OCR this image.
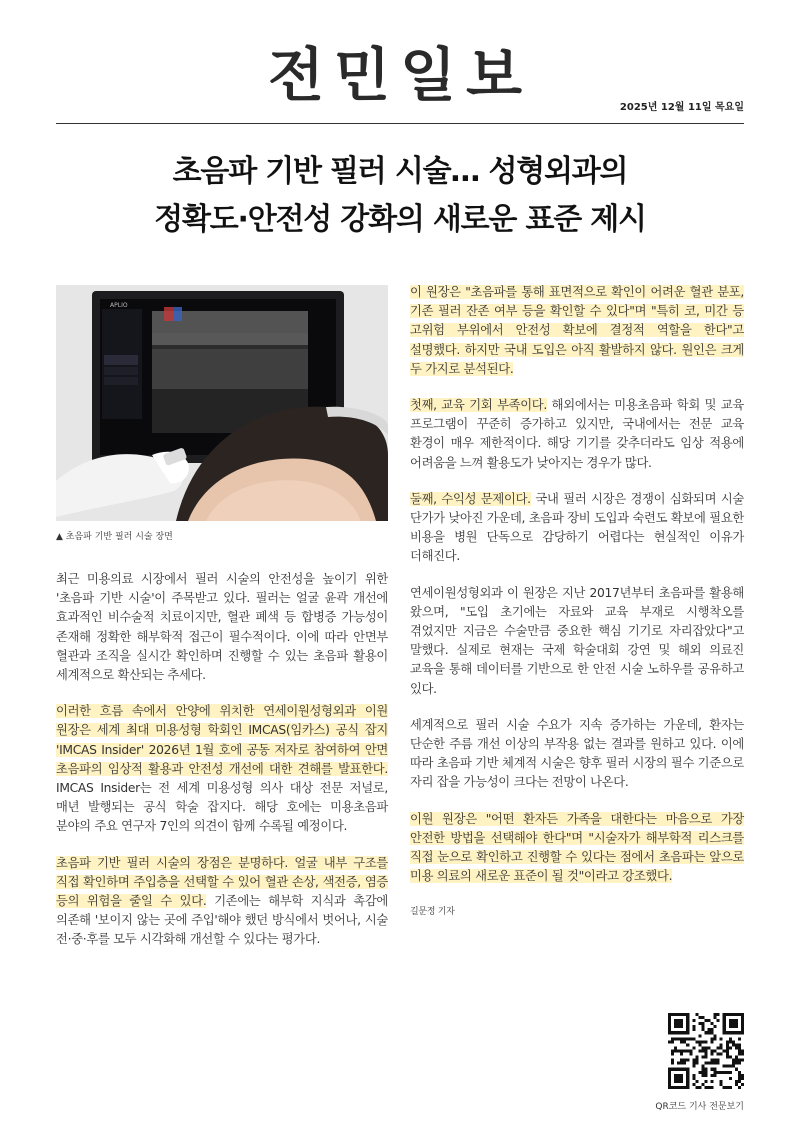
전민일보	2025년 12월 11일 목요일
초음파 기반 필러 시술… 성형외과의
정확도·안전성 강화의 새로운 표준 제시
APLIO
▲ 초음파 기반 필러 시술 장면

최근 미용의료 시장에서 필러 시술의 안전성을 높이기 위한 '초음파 기반 시술'이 주목받고 있다. 필러는 얼굴 윤곽 개선에 효과적인 비수술적 치료이지만, 혈관 폐색 등 합병증 가능성이 존재해 정확한 해부학적 접근이 필수적이다. 이에 따라 안면부 혈관과 조직을 실시간 확인하며 진행할 수 있는 초음파 활용이 세계적으로 확산되는 추세다.

이러한 흐름 속에서 안양에 위치한 연세이원성형외과 이원 원장은 세계 최대 미용성형 학회인 IMCAS(임카스) 공식 잡지 'IMCAS Insider' 2026년 1월 호에 공동 저자로 참여하여 안면 초음파의 임상적 활용과 안전성 개선에 대한 견해를 발표한다. IMCAS Insider는 전 세계 미용성형 의사 대상 전문 저널로, 매년 발행되는 공식 학술 잡지다. 해당 호에는 미용초음파 분야의 주요 연구자 7인의 의견이 함께 수록될 예정이다.

초음파 기반 필러 시술의 장점은 분명하다. 얼굴 내부 구조를 직접 확인하며 주입층을 선택할 수 있어 혈관 손상, 색전증, 염증 등의 위험을 줄일 수 있다. 기존에는 해부학 지식과 촉감에 의존해 '보이지 않는 곳에 주입'해야 했던 방식에서 벗어나, 시술 전·중·후를 모두 시각화해 개선할 수 있다는 평가다.

이 원장은 "초음파를 통해 표면적으로 확인이 어려운 혈관 분포, 기존 필러 잔존 여부 등을 확인할 수 있다"며 "특히 코, 미간 등 고위험 부위에서 안전성 확보에 결정적 역할을 한다"고 설명했다. 하지만 국내 도입은 아직 활발하지 않다. 원인은 크게 두 가지로 분석된다.

첫째, 교육 기회 부족이다. 해외에서는 미용초음파 학회 및 교육 프로그램이 꾸준히 증가하고 있지만, 국내에서는 전문 교육 환경이 매우 제한적이다. 해당 기기를 갖추더라도 임상 적용에 어려움을 느껴 활용도가 낮아지는 경우가 많다.

둘째, 수익성 문제이다. 국내 필러 시장은 경쟁이 심화되며 시술 단가가 낮아진 가운데, 초음파 장비 도입과 숙련도 확보에 필요한 비용을 병원 단독으로 감당하기 어렵다는 현실적인 이유가 더해진다.

연세이원성형외과 이 원장은 지난 2017년부터 초음파를 활용해 왔으며, "도입 초기에는 자료와 교육 부재로 시행착오를 겪었지만 지금은 수술만큼 중요한 핵심 기기로 자리잡았다"고 말했다. 실제로 현재는 국제 학술대회 강연 및 해외 의료진 교육을 통해 데이터를 기반으로 한 안전 시술 노하우를 공유하고 있다.

세계적으로 필러 시술 수요가 지속 증가하는 가운데, 환자는 단순한 주름 개선 이상의 부작용 없는 결과를 원하고 있다. 이에 따라 초음파 기반 체계적 시술은 향후 필러 시장의 필수 기준으로 자리 잡을 가능성이 크다는 전망이 나온다.

이원 원장은 "어떤 환자든 가족을 대한다는 마음으로 가장 안전한 방법을 선택해야 한다"며 "시술자가 해부학적 리스크를 직접 눈으로 확인하고 진행할 수 있다는 점에서 초음파는 앞으로 미용 의료의 새로운 표준이 될 것"이라고 강조했다.

길문정 기자
QR코드 기사 전문보기
